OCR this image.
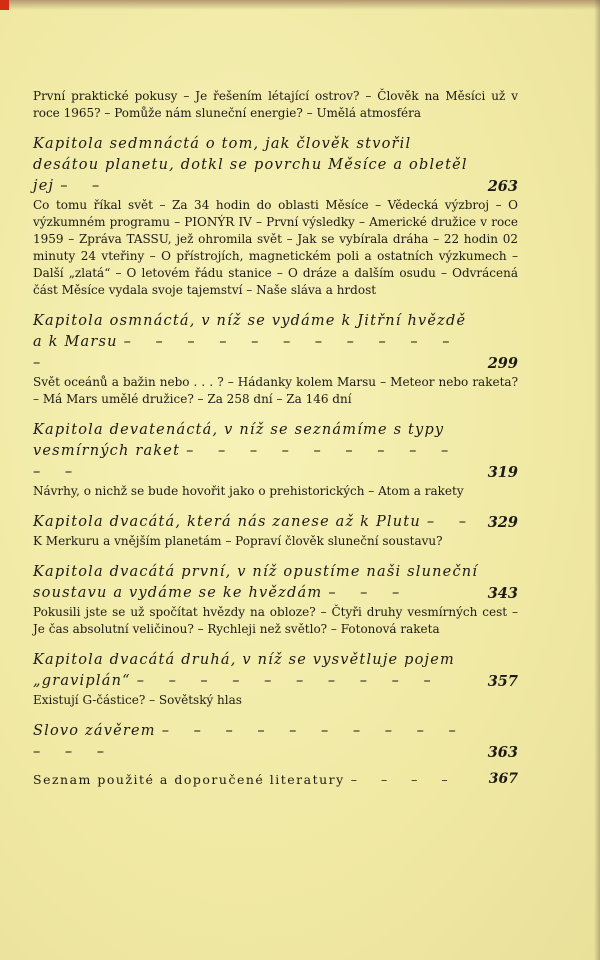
První praktické pokusy – Je řešením létající ostrov? – Člověk na Měsíci už v roce 1965? – Pomůže nám sluneční energie? – Umělá atmosféra
Kapitola sedmnáctá o tom, jak člověk stvořil desátou planetu, dotkl se povrchu Měsíce a obletěl jej – –	263
Co tomu říkal svět – Za 34 hodin do oblasti Měsíce – Vědecká výzbroj – O výzkumném programu – PIONÝR IV – První výsledky – Americké družice v roce 1959 – Zpráva TASSU, jež ohromila svět – Jak se vybírala dráha – 22 hodin 02 minuty 24 vteřiny – O přístrojích, magnetickém poli a ostatních výzkumech – Další „zlatá“ – O letovém řádu stanice – O dráze a dalším osudu – Odvrácená část Měsíce vydala svoje tajemství – Naše sláva a hrdost
Kapitola osmnáctá, v níž se vydáme k Jitřní hvězdě a k Marsu – – – – – – – – – – – –	299
Svět oceánů a bažin nebo . . . ? – Hádanky kolem Marsu – Meteor nebo raketa? – Má Mars umělé družice? – Za 258 dní – Za 146 dní
Kapitola devatenáctá, v níž se seznámíme s typy vesmírných raket – – – – – – – – – – –	319
Návrhy, o nichž se bude hovořit jako o prehistorických – Atom a rakety
Kapitola dvacátá, která nás zanese až k Plutu – – 329
K Merkuru a vnějším planetám – Popraví člověk sluneční soustavu?
Kapitola dvacátá první, v níž opustíme naši sluneční soustavu a vydáme se ke hvězdám – – –	343
Pokusili jste se už spočítat hvězdy na obloze? – Čtyři druhy vesmírných cest – Je čas absolutní veličinou? – Rychleji než světlo? – Fotonová raketa
Kapitola dvacátá druhá, v níž se vysvětluje pojem „graviplán“ – – – – – – – – – –	357
Existují G-částice? – Sovětský hlas
Slovo závěrem – – – – – – – – – – – – –	363
Seznam použité a doporučené literatury – – – –	367
